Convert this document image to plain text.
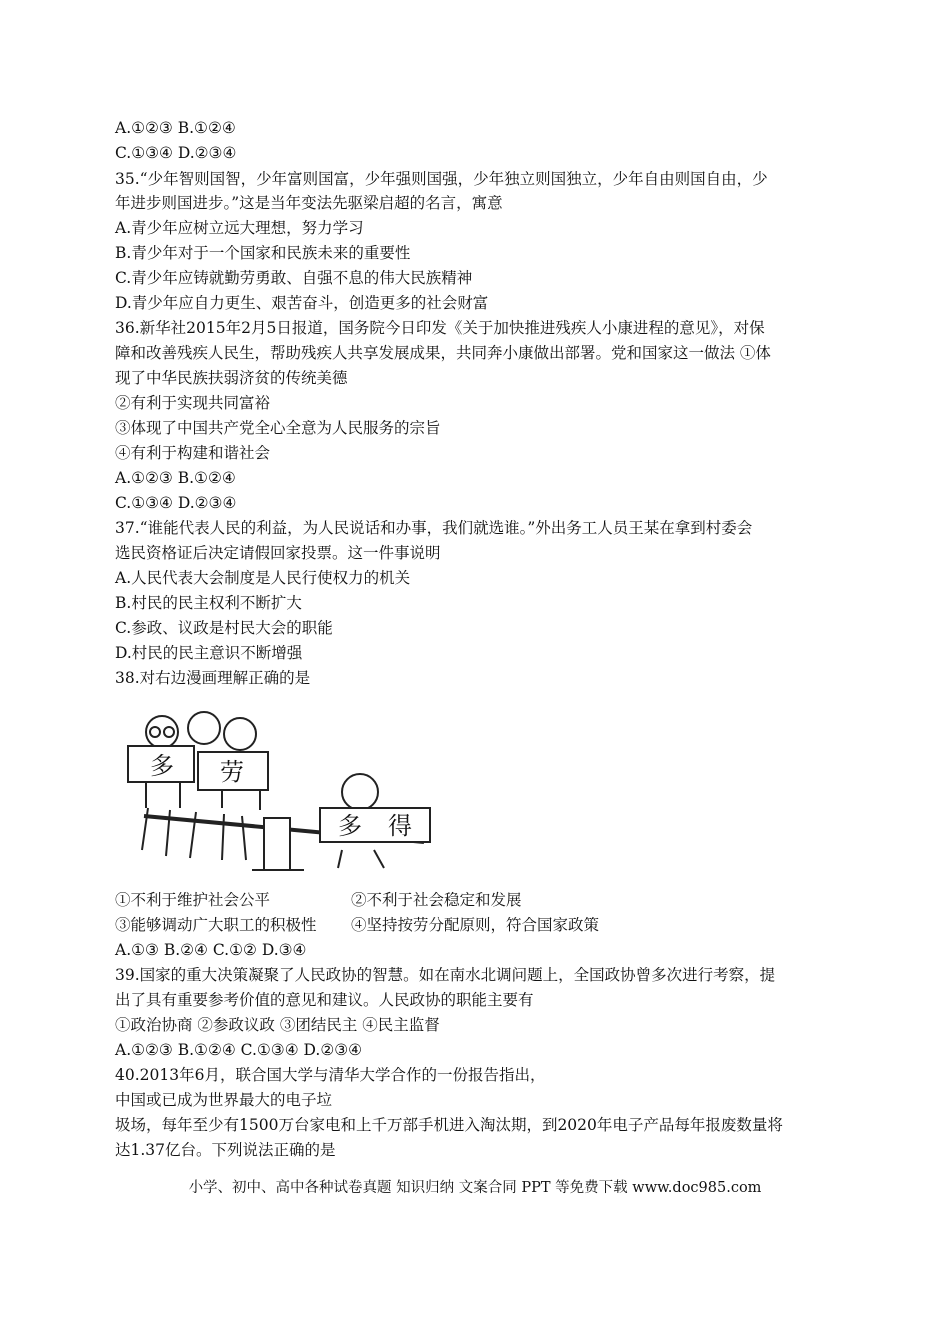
A.①②③ B.①②④
C.①③④ D.②③④
35.“少年智则国智，少年富则国富，少年强则国强，少年独立则国独立，少年自由则国自由，少
年进步则国进步。”这是当年变法先驱梁启超的名言，寓意
A.青少年应树立远大理想，努力学习
B.青少年对于一个国家和民族未来的重要性
C.青少年应铸就勤劳勇敢、自强不息的伟大民族精神
D.青少年应自力更生、艰苦奋斗，创造更多的社会财富
36.新华社2015年2月5日报道，国务院今日印发《关于加快推进残疾人小康进程的意见》，对保
障和改善残疾人民生，帮助残疾人共享发展成果，共同奔小康做出部署。党和国家这一做法 ①体
现了中华民族扶弱济贫的传统美德
②有利于实现共同富裕
③体现了中国共产党全心全意为人民服务的宗旨
④有利于构建和谐社会
A.①②③ B.①②④
C.①③④ D.②③④
37.“谁能代表人民的利益，为人民说话和办事，我们就选谁。”外出务工人员王某在拿到村委会
选民资格证后决定请假回家投票。这一件事说明
A.人民代表大会制度是人民行使权力的机关
B.村民的民主权利不断扩大
C.参政、议政是村民大会的职能
D.村民的民主意识不断增强
38.对右边漫画理解正确的是
多 劳
多 得
①不利于维护社会公平	②不利于社会稳定和发展
③能够调动广大职工的积极性 ④坚持按劳分配原则，符合国家政策
A.①③ B.②④ C.①② D.③④
39.国家的重大决策凝聚了人民政协的智慧。如在南水北调问题上，全国政协曾多次进行考察，提
出了具有重要参考价值的意见和建议。人民政协的职能主要有
①政治协商 ②参政议政 ③团结民主 ④民主监督
A.①②③ B.①②④ C.①③④ D.②③④
40.2013年6月，联合国大学与清华大学合作的一份报告指出，
中国或已成为世界最大的电子垃
圾场，每年至少有1500万台家电和上千万部手机进入淘汰期，到2020年电子产品每年报废数量将
达1.37亿台。下列说法正确的是
小学、初中、高中各种试卷真题 知识归纳 文案合同 PPT 等免费下载 www.doc985.com
